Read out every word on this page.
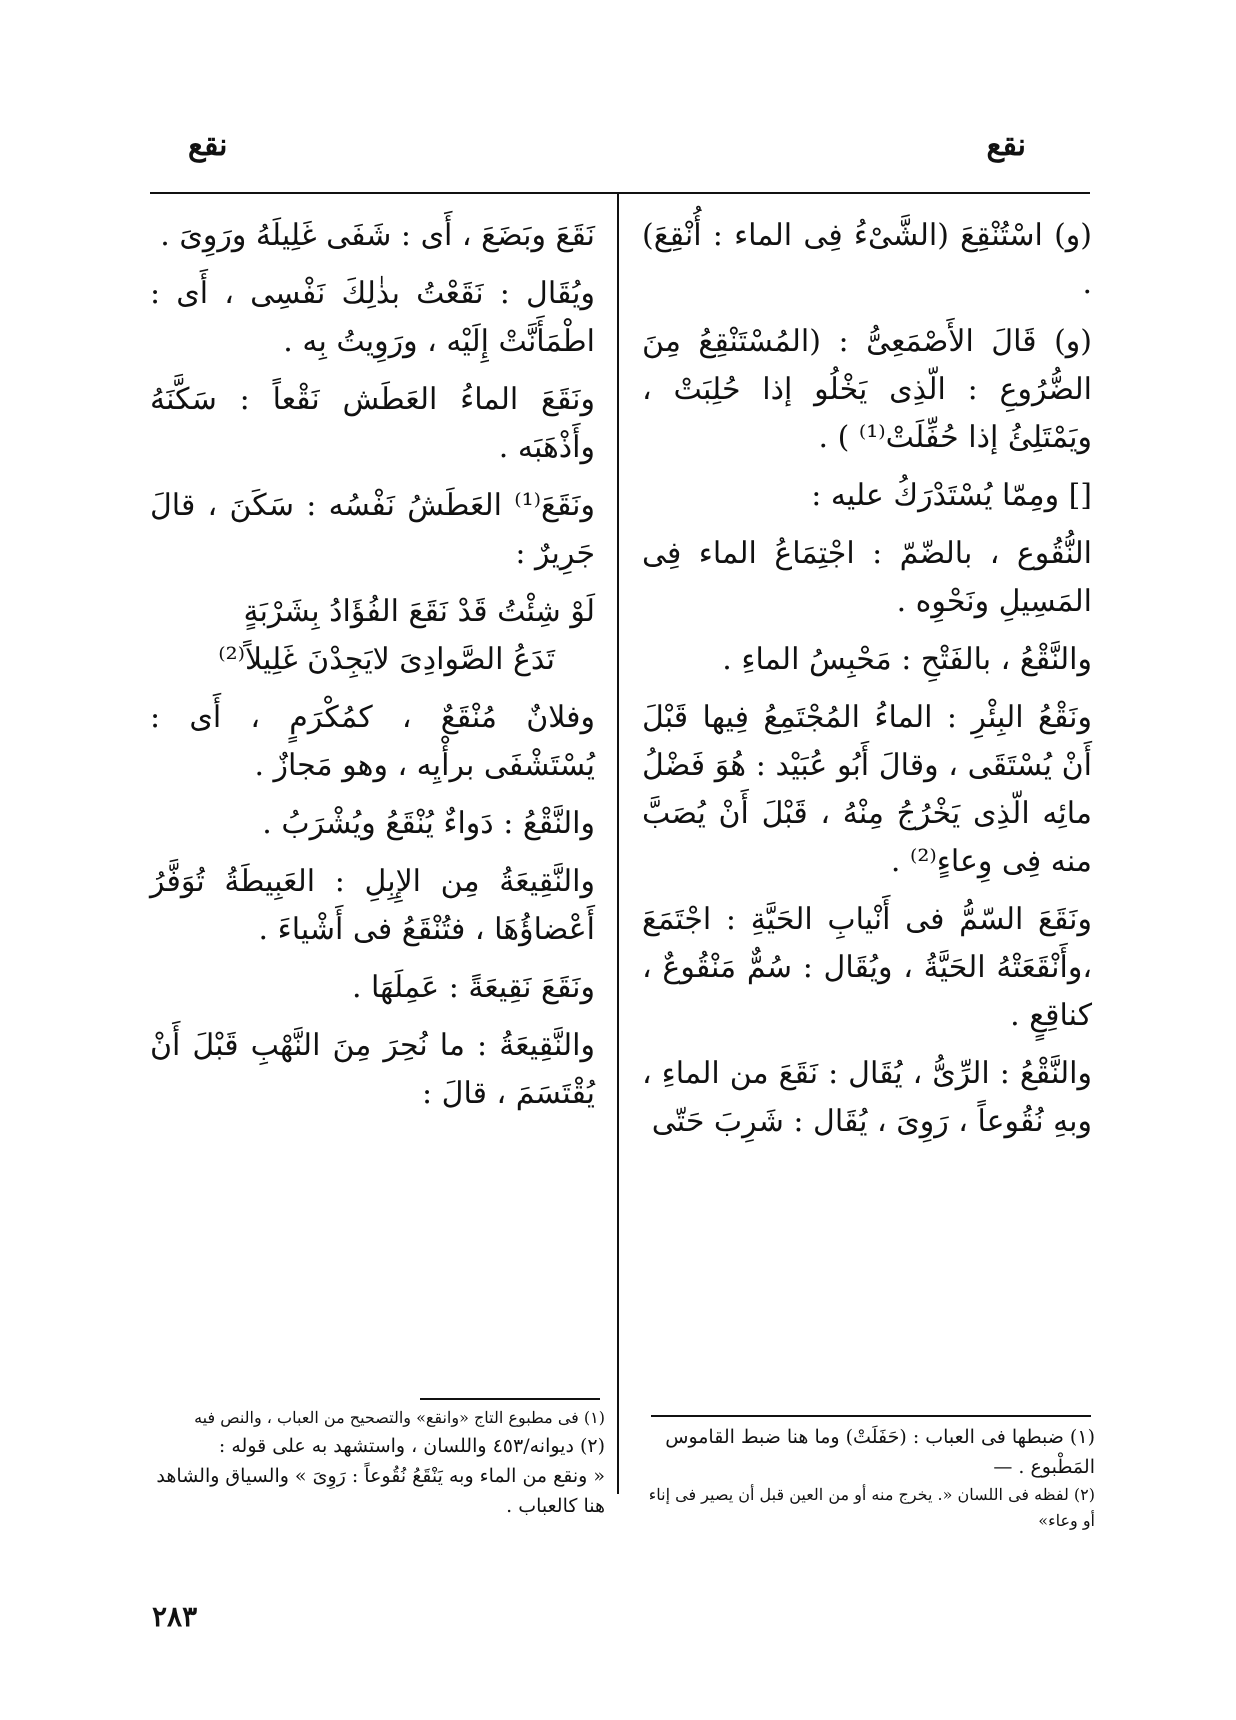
نقع	نقع

(و) اسْتُنْقِعَ (الشَّىْءُ فِى الماء : أُنْقِعَ) .

(و) قَالَ الأَصْمَعِىُّ : (المُسْتَنْقِعُ مِنَ الضُّرُوعِ : الّذِى يَخْلُو إذا حُلِبَتْ ، ويَمْتَلِئُ إذا حُفِّلَتْ⁽¹⁾ ) .

[] ومِمّا يُسْتَدْرَكُ عليه :

النُّقُوع ، بالضّمّ : اجْتِمَاعُ الماء فِى المَسِيلِ ونَحْوِه .

والنَّقْعُ ، بالفَتْحِ : مَحْبِسُ الماءِ .

ونَقْعُ البِئْرِ : الماءُ المُجْتَمِعُ فِيها قَبْلَ أَنْ يُسْتَقَى ، وقالَ أَبُو عُبَيْد : هُوَ فَضْلُ مائِه الّذِى يَخْرُجُ مِنْهُ ، قَبْلَ أَنْ يُصَبَّ منه فِى وِعاءٍ⁽²⁾ .

ونَقَعَ السّمُّ فى أَنْيابِ الحَيَّةِ : اجْتَمَعَ ،وأَنْقَعَتْهُ الحَيَّةُ ، ويُقَال : سُمٌّ مَنْقُوعٌ ، كناقِعٍ .

والنَّقْعُ : الرِّىُّ ، يُقَال : نَقَعَ من الماءِ ، وبهِ نُقُوعاً ، رَوِىَ ، يُقَال : شَرِبَ حَتّى

نَقَعَ وبَضَعَ ، أَى : شَفَى غَلِيلَهُ ورَوِىَ .

ويُقَال : نَقَعْتُ بذٰلِكَ نَفْسِى ، أَى : اطْمَأَنَّتْ إِلَيْه ، ورَوِيتُ بِه .

ونَقَعَ الماءُ العَطَش نَقْعاً : سَكَّنَهُ وأَذْهَبَه .

ونَقَعَ⁽¹⁾ العَطَشُ نَفْسُه : سَكَنَ ، قالَ جَرِيرٌ :

لَوْ شِئْتُ قَدْ نَقَعَ الفُؤَادُ بِشَرْبَةٍ

تَدَعُ الصَّوادِىَ لايَجِدْنَ غَلِيلاً⁽²⁾

وفلانٌ مُنْقَعٌ ، كمُكْرَمٍ ، أَى : يُسْتَشْفَى برأْيِه ، وهو مَجازٌ .

والنَّقْعُ : دَواءٌ يُنْقَعُ ويُشْرَبُ .

والنَّقِيعَةُ مِن الإِبِلِ : العَبِيطَةُ تُوَفَّرُ أَعْضاؤُهَا ، فتُنْقَعُ فى أَشْياءَ .

ونَقَعَ نَقِيعَةً : عَمِلَهَا .

والنَّقِيعَةُ : ما نُحِرَ مِنَ النَّهْبِ قَبْلَ أَنْ يُقْتَسَمَ ، قالَ :

(١) ضبطها فى العباب : (حَفَلَتْ) وما هنا ضبط القاموس المَطْبوع . —

(٢) لفظه فى اللسان «. يخرج منه أو من العين قبل أن يصير فى إناء أو وعاء»

(١) فى مطبوع التاج «وانقع» والتصحيح من العباب ، والنص فيه

(٢) ديوانه/٤٥٣ واللسان ، واستشهد به على قوله :

« ونقع من الماء وبه يَنْقَعُ نُقُوعاً : رَوِىَ » والسياق والشاهد هنا كالعباب .

٢٨٣
